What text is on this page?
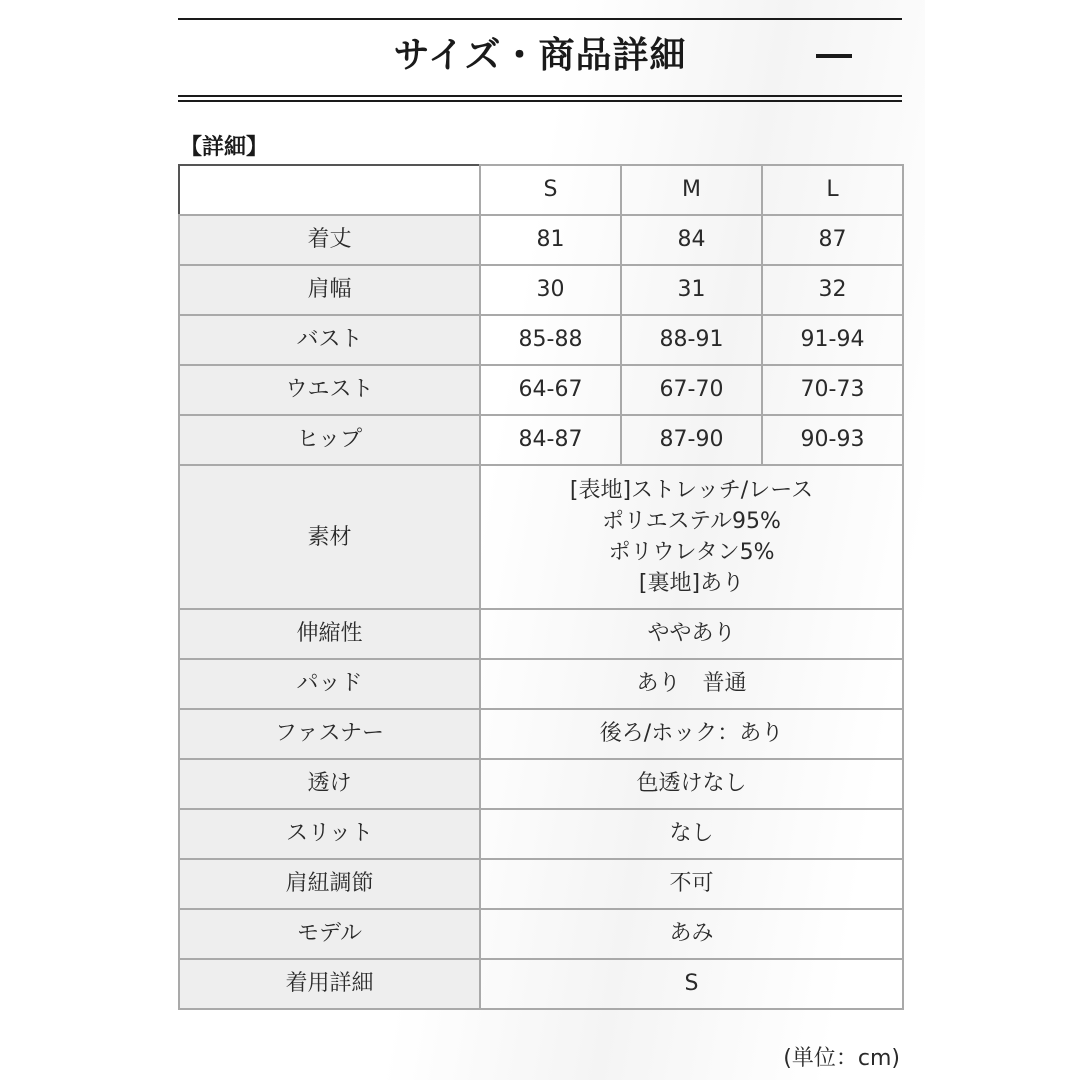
サイズ・商品詳細
【詳細】
	S	M	L
着丈	81	84	87
肩幅	30	31	32
バスト	85-88	88-91	91-94
ウエスト	64-67	67-70	70-73
ヒップ	84-87	87-90	90-93
素材	[表地]ストレッチ/レース
ポリエステル95%
ポリウレタン5%
[裏地]あり		

伸縮性	ややあり		
パッド	あり　普通		
ファスナー	後ろ/ホック：あり		
透け	色透けなし		
スリット	なし		
肩紐調節	不可		
モデル	あみ		
着用詳細	S		
(単位：cm)
